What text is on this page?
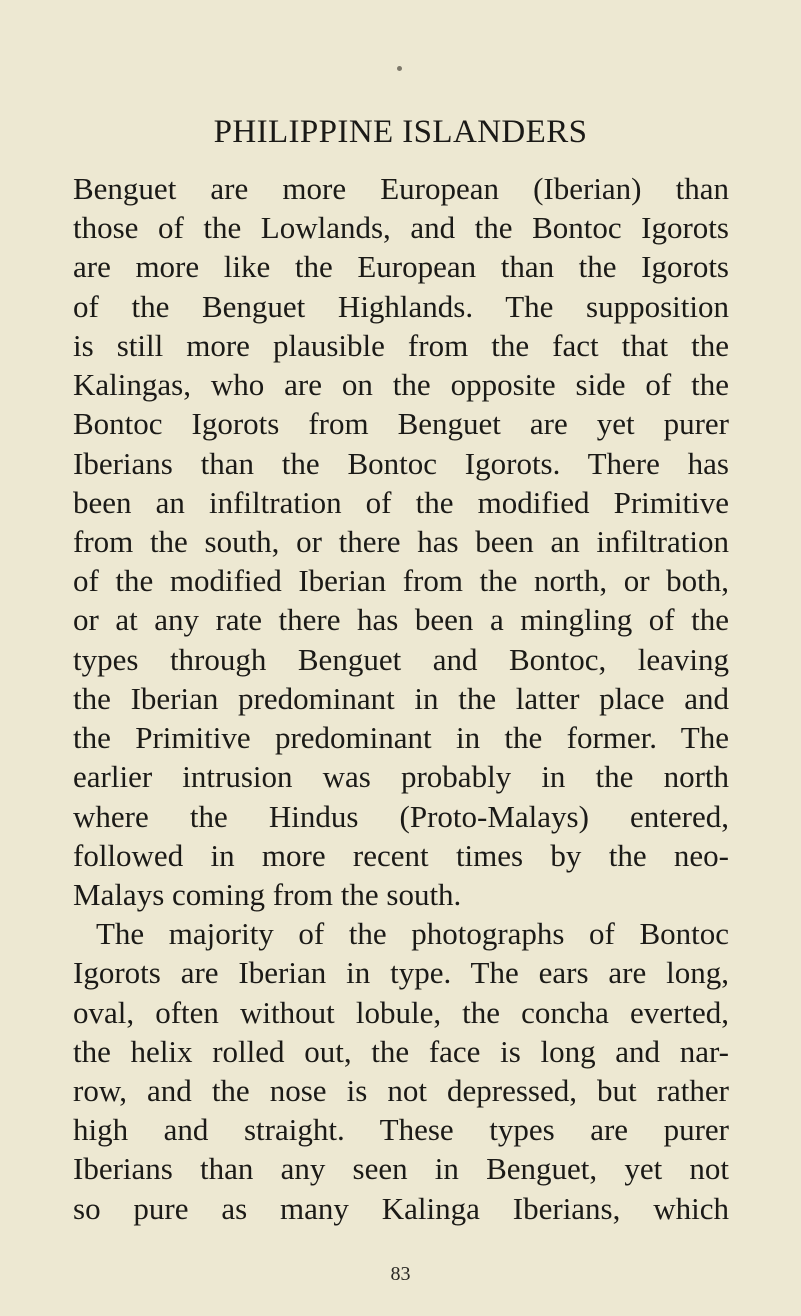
PHILIPPINE ISLANDERS
Benguet are more European (Iberian) than
those of the Lowlands, and the Bontoc Igorots
are more like the European than the Igorots
of the Benguet Highlands. The supposition
is still more plausible from the fact that the
Kalingas, who are on the opposite side of the
Bontoc Igorots from Benguet are yet purer
Iberians than the Bontoc Igorots. There has
been an infiltration of the modified Primitive
from the south, or there has been an infiltration
of the modified Iberian from the north, or both,
or at any rate there has been a mingling of the
types through Benguet and Bontoc, leaving
the Iberian predominant in the latter place and
the Primitive predominant in the former. The
earlier intrusion was probably in the north
where the Hindus (Proto-Malays) entered,
followed in more recent times by the neo-
Malays coming from the south.
The majority of the photographs of Bontoc
Igorots are Iberian in type. The ears are long,
oval, often without lobule, the concha everted,
the helix rolled out, the face is long and nar-
row, and the nose is not depressed, but rather
high and straight. These types are purer
Iberians than any seen in Benguet, yet not
so pure as many Kalinga Iberians, which
83
